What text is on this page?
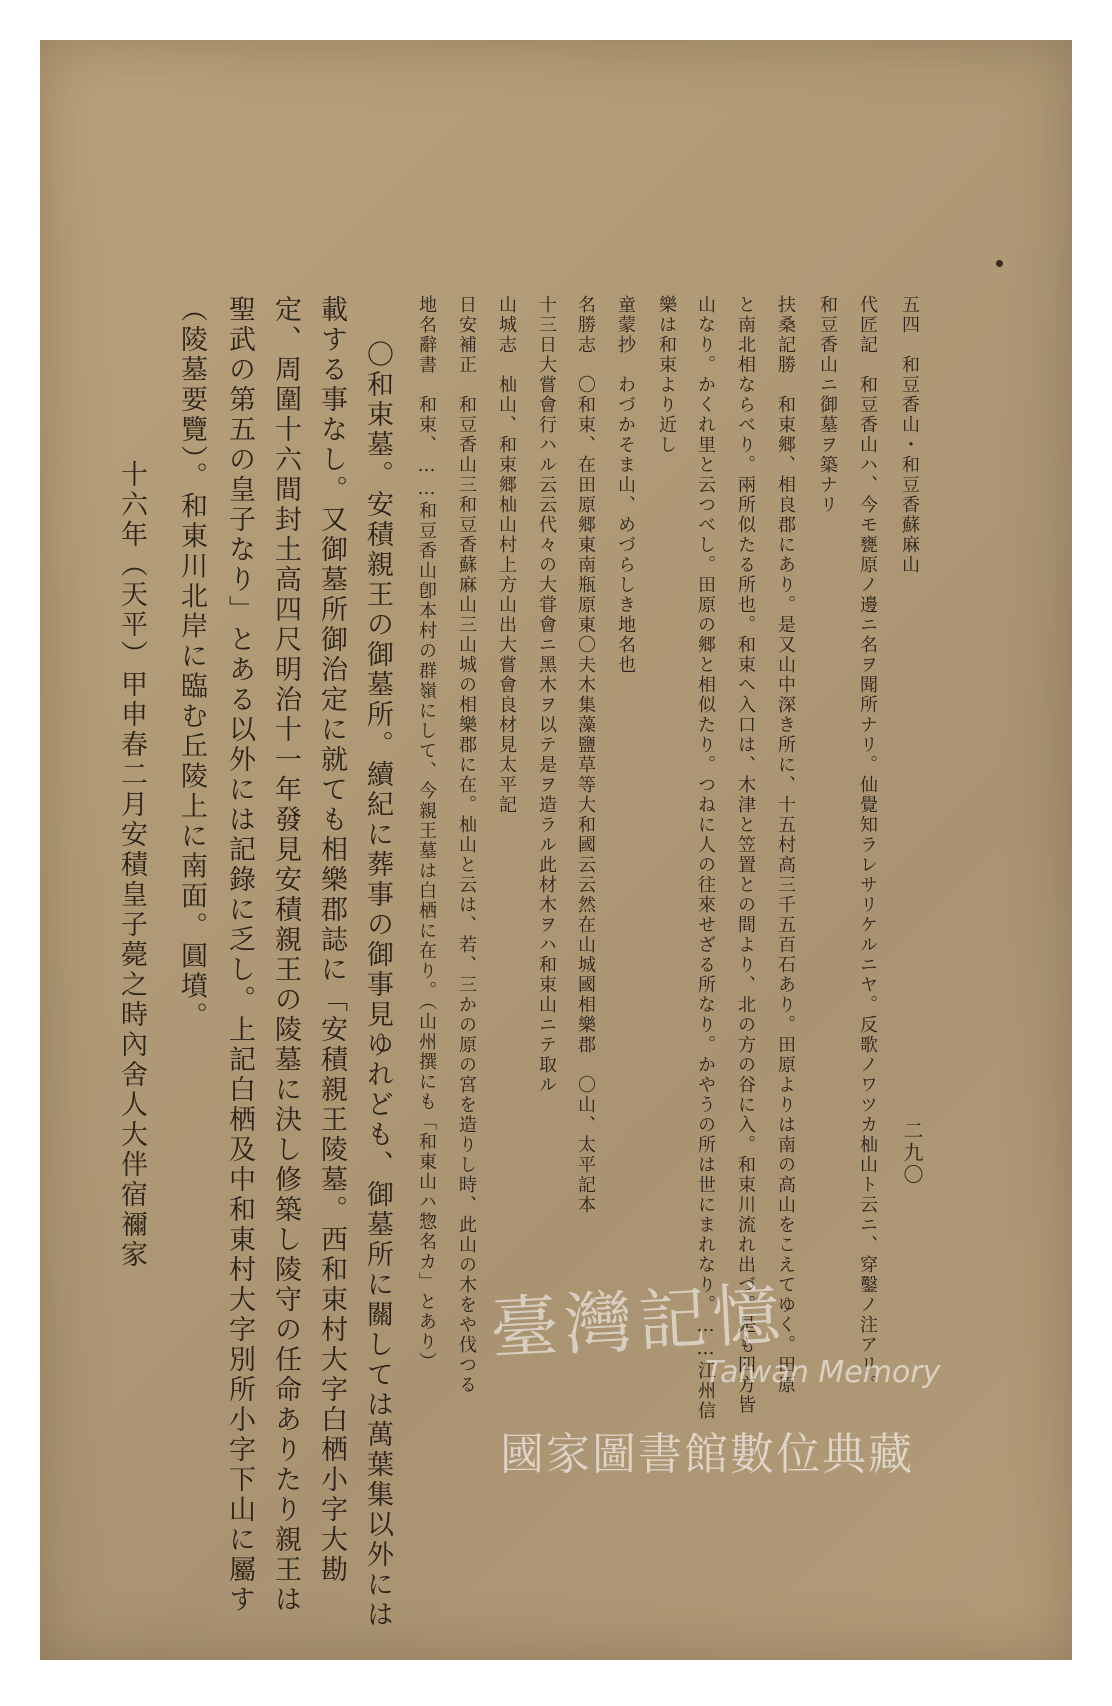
二九〇
五四　和豆香山・和豆香蘇麻山
代匠記　和豆香山ハ、今モ甕原ノ邊ニ名ヲ聞所ナリ。仙覺知ラレサリケルニヤ。反歌ノワツカ杣山ト云ニ、穿鑿ノ注アリ。
和豆香山ニ御墓ヲ築ナリ
扶桑記勝　和束郷、相良郡にあり。是又山中深き所に、十五村高三千五百石あり。田原よりは南の高山をこえてゆく。田原
と南北相ならべり。兩所似たる所也。和束へ入口は、木津と笠置との間より、北の方の谷に入。和束川流れ出づ。是も四方皆
山なり。かくれ里と云つべし。田原の郷と相似たり。つねに人の往來せざる所なり。かやうの所は世にまれなり。……江州信
樂は和束より近し
童蒙抄　わづかそま山、めづらしき地名也
名勝志　〇和束、在田原郷東南瓶原東〇夫木集藻鹽草等大和國云云然在山城國相樂郡　〇山、太平記本
十三日大嘗會行ハル云云代々の大甞會ニ黑木ヲ以テ是ヲ造ラル此材木ヲハ和束山ニテ取ル
山城志　杣山、和束郷杣山村上方山出大嘗會良材見太平記
日安補正　和豆香山三和豆香蘇麻山三山城の相樂郡に在。杣山と云は、若、三かの原の宮を造りし時、此山の木をや伐つる
地名辭書　和束、……和豆香山卽本村の群嶺にして、今親王墓は白栖に在り。（山州撰にも「和東山ハ惣名カ」とあり）
〇和束墓。安積親王の御墓所。續紀に葬事の御事見ゆれども、御墓所に關しては萬葉集以外には
載する事なし。又御墓所御治定に就ても相樂郡誌に「安積親王陵墓。西和束村大字白栖小字大勘
定、周圍十六間封土高四尺明治十一年發見安積親王の陵墓に決し修築し陵守の任命ありたり親王は
聖武の第五の皇子なり」とある以外には記錄に乏し。上記白栖及中和東村大字別所小字下山に屬す
（陵墓要覽）。和東川北岸に臨む丘陵上に南面。圓墳。
十六年（天平）甲申春二月安積皇子薨之時內舍人大伴宿禰家
臺灣記憶
Taiwan Memory
國家圖書館數位典藏
